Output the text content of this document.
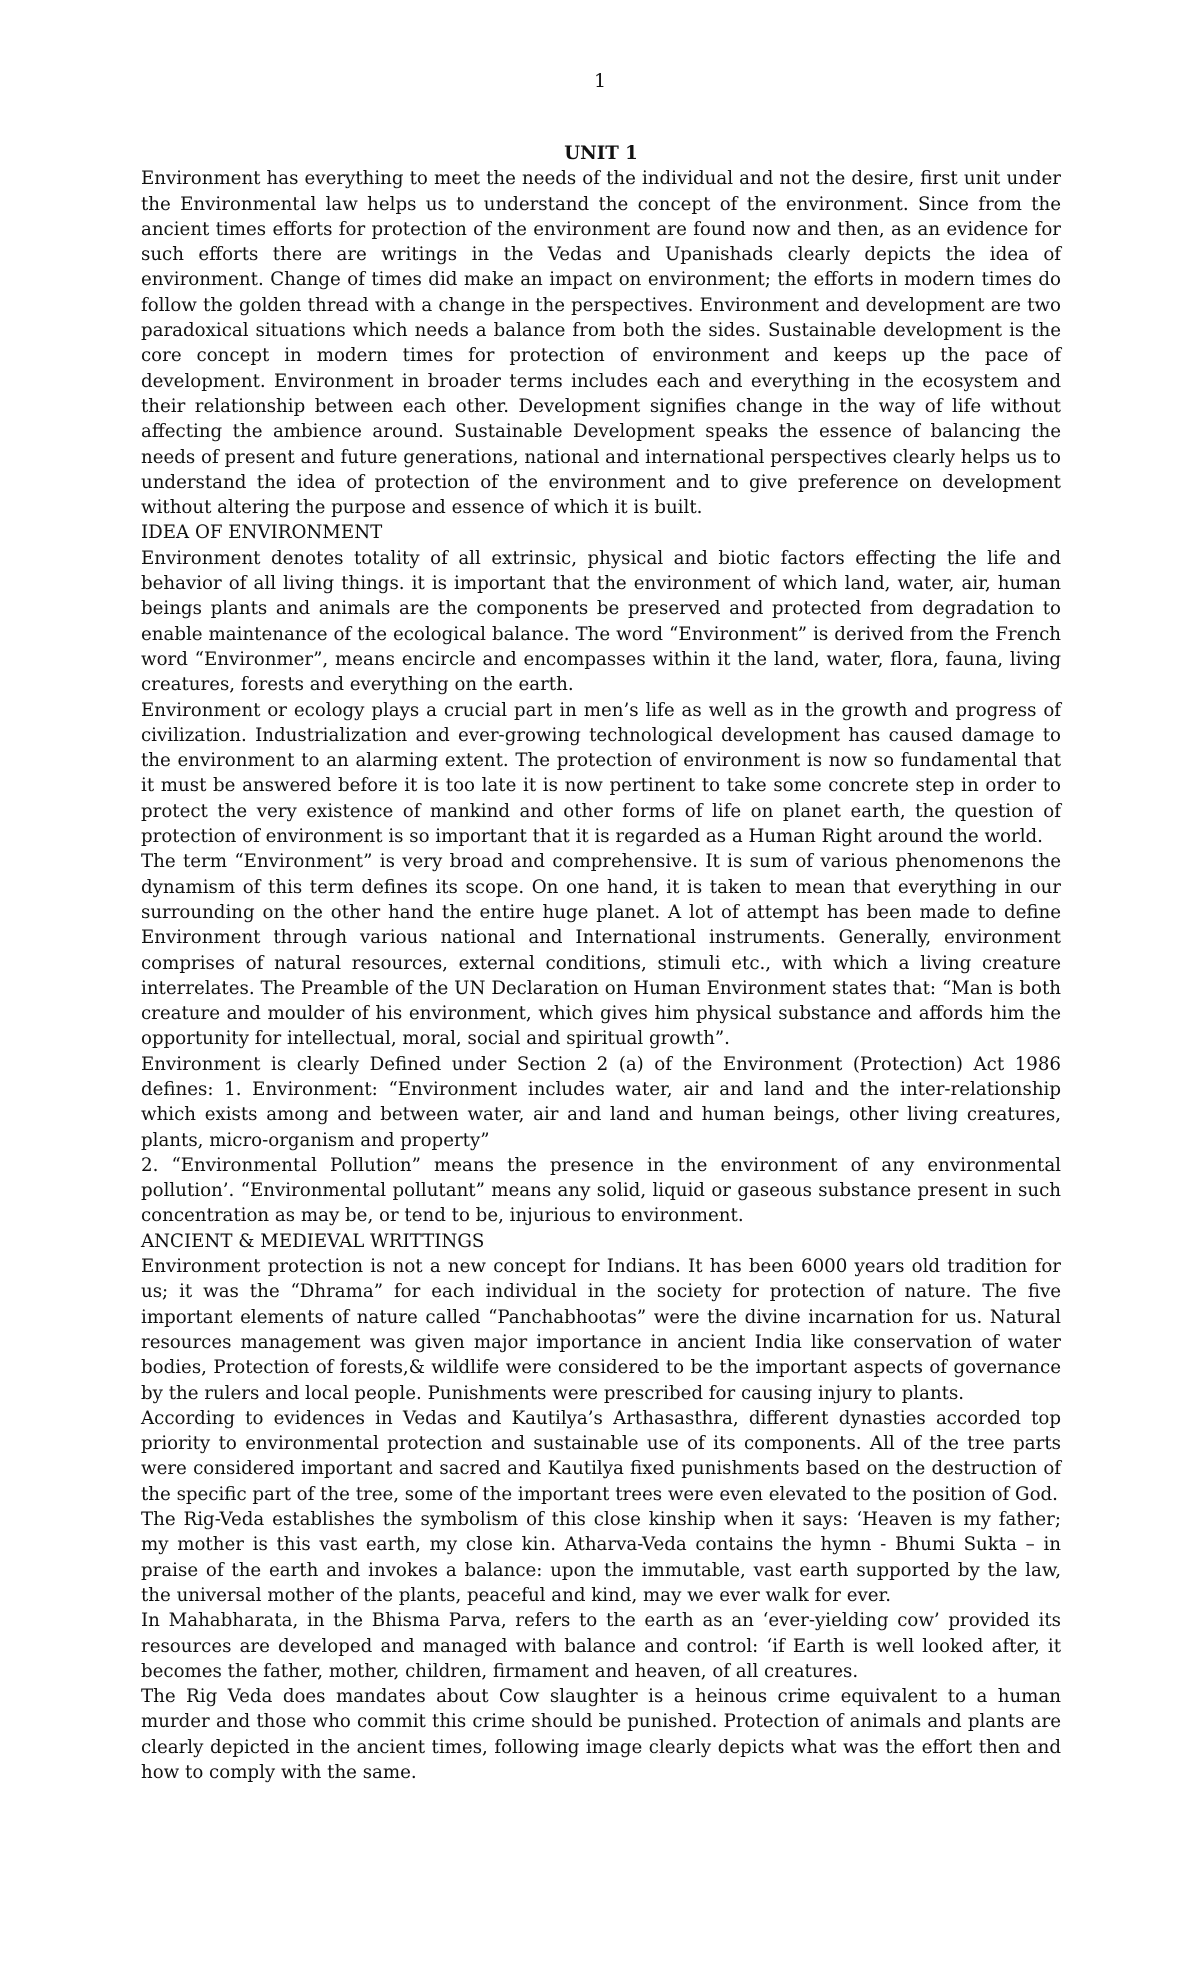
1

UNIT 1

Environment has everything to meet the needs of the individual and not the desire, first unit under the Environmental law helps us to understand the concept of the environment. Since from the ancient times efforts for protection of the environment are found now and then, as an evidence for such efforts there are writings in the Vedas and Upanishads clearly depicts the idea of environment. Change of times did make an impact on environment; the efforts in modern times do follow the golden thread with a change in the perspectives. Environment and development are two paradoxical situations which needs a balance from both the sides. Sustainable development is the core concept in modern times for protection of environment and keeps up the pace of development. Environment in broader terms includes each and everything in the ecosystem and their relationship between each other. Development signifies change in the way of life without affecting the ambience around. Sustainable Development speaks the essence of balancing the needs of present and future generations, national and international perspectives clearly helps us to understand the idea of protection of the environment and to give preference on development without altering the purpose and essence of which it is built.

IDEA OF ENVIRONMENT

Environment denotes totality of all extrinsic, physical and biotic factors effecting the life and behavior of all living things. it is important that the environment of which land, water, air, human beings plants and animals are the components be preserved and protected from degradation to enable maintenance of the ecological balance. The word “Environment” is derived from the French word “Environmer”, means encircle and encompasses within it the land, water, flora, fauna, living creatures, forests and everything on the earth.

Environment or ecology plays a crucial part in men’s life as well as in the growth and progress of civilization. Industrialization and ever-growing technological development has caused damage to the environment to an alarming extent. The protection of environment is now so fundamental that it must be answered before it is too late it is now pertinent to take some concrete step in order to protect the very existence of mankind and other forms of life on planet earth, the question of protection of environment is so important that it is regarded as a Human Right around the world.

The term “Environment” is very broad and comprehensive. It is sum of various phenomenons the dynamism of this term defines its scope. On one hand, it is taken to mean that everything in our surrounding on the other hand the entire huge planet. A lot of attempt has been made to define Environment through various national and International instruments. Generally, environment comprises of natural resources, external conditions, stimuli etc., with which a living creature interrelates. The Preamble of the UN Declaration on Human Environment states that: “Man is both creature and moulder of his environment, which gives him physical substance and affords him the opportunity for intellectual, moral, social and spiritual growth”.

Environment is clearly Defined under Section 2 (a) of the Environment (Protection) Act 1986 defines: 1. Environment: “Environment includes water, air and land and the inter-relationship which exists among and between water, air and land and human beings, other living creatures, plants, micro-organism and property”

2. “Environmental Pollution” means the presence in the environment of any environmental pollution’. “Environmental pollutant” means any solid, liquid or gaseous substance present in such concentration as may be, or tend to be, injurious to environment.

ANCIENT & MEDIEVAL WRITTINGS

Environment protection is not a new concept for Indians. It has been 6000 years old tradition for us; it was the “Dhrama” for each individual in the society for protection of nature. The five important elements of nature called “Panchabhootas” were the divine incarnation for us. Natural resources management was given major importance in ancient India like conservation of water bodies, Protection of forests,& wildlife were considered to be the important aspects of governance by the rulers and local people. Punishments were prescribed for causing injury to plants.

According to evidences in Vedas and Kautilya’s Arthasasthra, different dynasties accorded top priority to environmental protection and sustainable use of its components. All of the tree parts were considered important and sacred and Kautilya fixed punishments based on the destruction of the specific part of the tree, some of the important trees were even elevated to the position of God.

The Rig-Veda establishes the symbolism of this close kinship when it says: ‘Heaven is my father; my mother is this vast earth, my close kin. Atharva-Veda contains the hymn - Bhumi Sukta – in praise of the earth and invokes a balance: upon the immutable, vast earth supported by the law, the universal mother of the plants, peaceful and kind, may we ever walk for ever.

In Mahabharata, in the Bhisma Parva, refers to the earth as an ‘ever-yielding cow’ provided its resources are developed and managed with balance and control: ‘if Earth is well looked after, it becomes the father, mother, children, firmament and heaven, of all creatures.

The Rig Veda does mandates about Cow slaughter is a heinous crime equivalent to a human murder and those who commit this crime should be punished. Protection of animals and plants are clearly depicted in the ancient times, following image clearly depicts what was the effort then and how to comply with the same.
